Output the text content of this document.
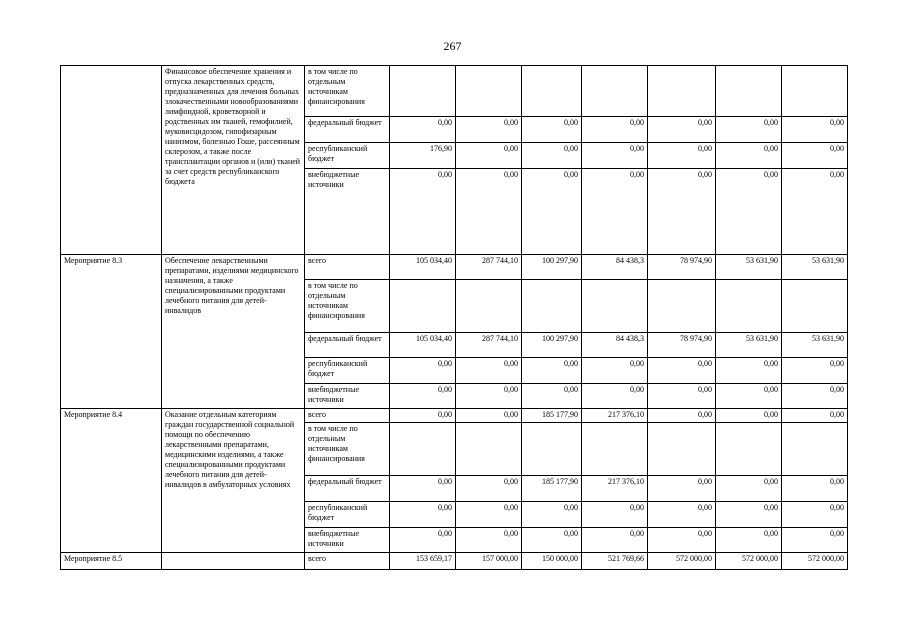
267
	Финансовое обеспечение хранения и отпуска лекарственных средств, предназначенных для лечения больных злокачественными новообразованиями лимфоидной, кроветворной и родственных им тканей, гемофилией, муковисцидозом, гипофизарным нанизмом, болезнью Гоше, рассеянным склерозом, а также после трансплантации органов и (или) тканей за счет средств республиканского бюджета	в том числе по отдельным источникам финансирования							
		федеральный бюджет	0,00	0,00	0,00	0,00	0,00	0,00	0,00
		республиканский бюджет	176,90	0,00	0,00	0,00	0,00	0,00	0,00
		внебюджетные источники	0,00	0,00	0,00	0,00	0,00	0,00	0,00
Мероприятие 8.3	Обеспечение лекарственными препаратами, изделиями медицинского назначения, а также специализированными продуктами лечебного питания для детей-инвалидов	всего	105 034,40	287 744,10	100 297,90	84 438,3	78 974,90	53 631,90	53 631,90
		в том числе по отдельным источникам финансирования							
		федеральный бюджет	105 034,40	287 744,10	100 297,90	84 438,3	78 974,90	53 631,90	53 631,90
		республиканский бюджет	0,00	0,00	0,00	0,00	0,00	0,00	0,00
		внебюджетные источники	0,00	0,00	0,00	0,00	0,00	0,00	0,00
Мероприятие 8.4	Оказание отдельным категориям граждан государственной социальной помощи по обеспечению лекарственными препаратами, медицинскими изделиями, а также специализированными продуктами лечебного питания для детей-инвалидов в амбулаторных условиях	всего	0,00	0,00	185 177,90	217 376,10	0,00	0,00	0,00
		в том числе по отдельным источникам финансирования							
		федеральный бюджет	0,00	0,00	185 177,90	217 376,10	0,00	0,00	0,00
		республиканский бюджет	0,00	0,00	0,00	0,00	0,00	0,00	0,00
		внебюджетные источники	0,00	0,00	0,00	0,00	0,00	0,00	0,00
Мероприятие 8.5		всего	153 659,17	157 000,00	150 000,00	521 769,66	572 000,00	572 000,00	572 000,00
